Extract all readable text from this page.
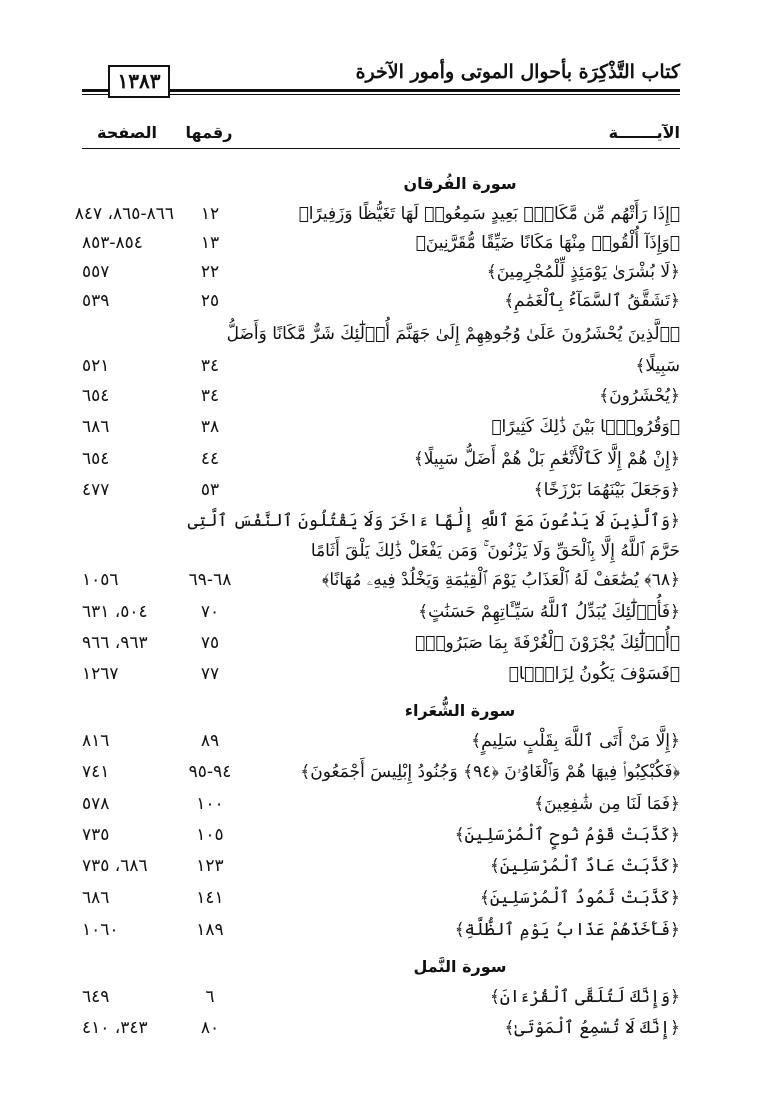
كتاب التَّذْكِرَة بأحوال الموتى وأمور الآخرة
١٣٨٣
الآيـــــــة
رقمها
الصفحة
سورة الفُرقان
﴿إِذَا رَأَتْهُم مِّن مَّكَانٍۭ بَعِيدٍ سَمِعُوا۟ لَهَا تَغَيُّظًا وَزَفِيرًا﴾
١٢
٨٦٦-٨٦٥، ٨٤٧
﴿وَإِذَآ أُلْقُوا۟ مِنْهَا مَكَانًا ضَيِّقًا مُّقَرَّنِينَ﴾
١٣
٨٥٤-٨٥٣
﴿لَا بُشْرَىٰ يَوْمَئِذٍ لِّلْمُجْرِمِينَ﴾
٢٢
٥٥٧
﴿تَشَقَّقُ ٱلسَّمَآءُ بِٱلْغَمَٰمِ﴾
٢٥
٥٣٩
﴿ٱلَّذِينَ يُحْشَرُونَ عَلَىٰ وُجُوهِهِمْ إِلَىٰ جَهَنَّمَ أُو۟لَٰٓئِكَ شَرٌّ مَّكَانًا وَأَضَلُّ
سَبِيلًا﴾
٣٤
٥٢١
﴿يُحْشَرُونَ﴾
٣٤
٦٥٤
﴿وَقُرُونًۢا بَيْنَ ذَٰلِكَ كَثِيرًا﴾
٣٨
٦٨٦
﴿إِنْ هُمْ إِلَّا كَٱلْأَنْعَٰمِ بَلْ هُمْ أَضَلُّ سَبِيلًا﴾
٤٤
٦٥٤
﴿وَجَعَلَ بَيْنَهُمَا بَرْزَخًا﴾
٥٣
٤٧٧
﴿وَٱلَّذِينَ لَا يَدْعُونَ مَعَ ٱللَّهِ إِلَٰهًا ءَاخَرَ وَلَا يَقْتُلُونَ ٱلنَّفْسَ ٱلَّتِى
حَرَّمَ ٱللَّهُ إِلَّا بِٱلْحَقِّ وَلَا يَزْنُونَ ۚ وَمَن يَفْعَلْ ذَٰلِكَ يَلْقَ أَثَامًا
﴿٦٨﴾ يُضَٰعَفْ لَهُ ٱلْعَذَابُ يَوْمَ ٱلْقِيَٰمَةِ وَيَخْلُدْ فِيهِۦ مُهَانًا﴾
٦٨-٦٩
١٠٥٦
﴿فَأُو۟لَٰٓئِكَ يُبَدِّلُ ٱللَّهُ سَيِّـَٔاتِهِمْ حَسَنَٰتٍ﴾
٧٠
٥٠٤، ٦٣١
﴿أُو۟لَٰٓئِكَ يُجْزَوْنَ ٱلْغُرْفَةَ بِمَا صَبَرُوا۟﴾
٧٥
٩٦٣، ٩٦٦
﴿فَسَوْفَ يَكُونُ لِزَامًۢا﴾
٧٧
١٢٦٧
سورة الشُّعَراء
﴿إِلَّا مَنْ أَتَى ٱللَّهَ بِقَلْبٍ سَلِيمٍ﴾
٨٩
٨١٦
﴿فَكُبْكِبُوا۟ فِيهَا هُمْ وَٱلْغَاوُۥنَ ﴿٩٤﴾ وَجُنُودُ إِبْلِيسَ أَجْمَعُونَ﴾
٩٤-٩٥
٧٤١
﴿فَمَا لَنَا مِن شَٰفِعِينَ﴾
١٠٠
٥٧٨
﴿كَذَّبَتْ قَوْمُ نُوحٍ ٱلْمُرْسَلِينَ﴾
١٠٥
٧٣٥
﴿كَذَّبَتْ عَادٌ ٱلْمُرْسَلِينَ﴾
١٢٣
٦٨٦، ٧٣٥
﴿كَذَّبَتْ ثَمُودُ ٱلْمُرْسَلِينَ﴾
١٤١
٦٨٦
﴿فَأَخَذَهُمْ عَذَابُ يَوْمِ ٱلظُّلَّةِ﴾
١٨٩
١٠٦٠
سورة النَّمل
﴿وَإِنَّكَ لَتُلَقَّى ٱلْقُرْءَانَ﴾
٦
٦٤٩
﴿إِنَّكَ لَا تُسْمِعُ ٱلْمَوْتَىٰ﴾
٨٠
٣٤٣، ٤١٠
